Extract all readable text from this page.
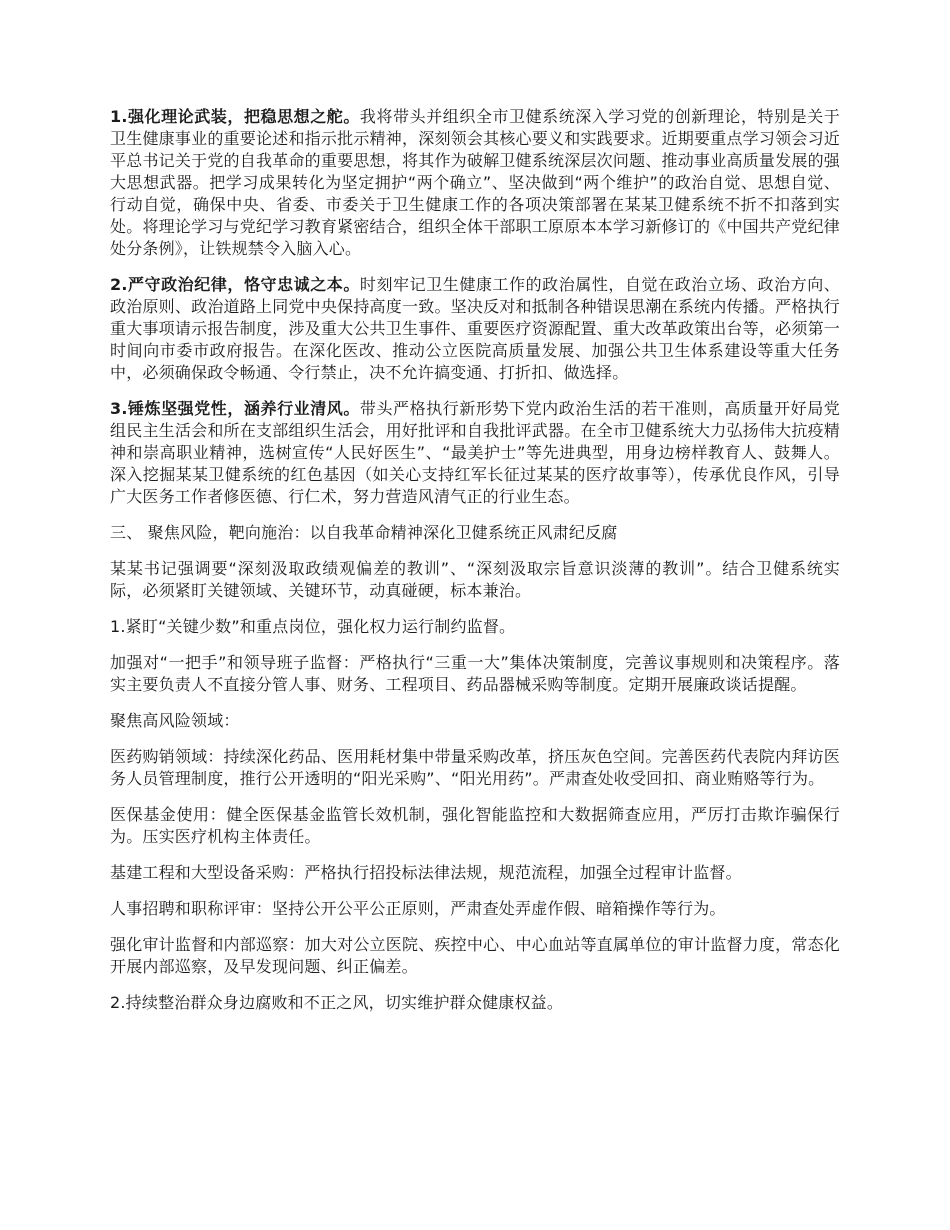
1.强化理论武装，把稳思想之舵。我将带头并组织全市卫健系统深入学习党的创新理论，特别是关于卫生健康事业的重要论述和指示批示精神，深刻领会其核心要义和实践要求。近期要重点学习领会习近平总书记关于党的自我革命的重要思想，将其作为破解卫健系统深层次问题、推动事业高质量发展的强大思想武器。把学习成果转化为坚定拥护“两个确立”、坚决做到“两个维护”的政治自觉、思想自觉、行动自觉，确保中央、省委、市委关于卫生健康工作的各项决策部署在某某卫健系统不折不扣落到实处。将理论学习与党纪学习教育紧密结合，组织全体干部职工原原本本学习新修订的《中国共产党纪律处分条例》，让铁规禁令入脑入心。

2.严守政治纪律，恪守忠诚之本。时刻牢记卫生健康工作的政治属性，自觉在政治立场、政治方向、政治原则、政治道路上同党中央保持高度一致。坚决反对和抵制各种错误思潮在系统内传播。严格执行重大事项请示报告制度，涉及重大公共卫生事件、重要医疗资源配置、重大改革政策出台等，必须第一时间向市委市政府报告。在深化医改、推动公立医院高质量发展、加强公共卫生体系建设等重大任务中，必须确保政令畅通、令行禁止，决不允许搞变通、打折扣、做选择。

3.锤炼坚强党性，涵养行业清风。带头严格执行新形势下党内政治生活的若干准则，高质量开好局党组民主生活会和所在支部组织生活会，用好批评和自我批评武器。在全市卫健系统大力弘扬伟大抗疫精神和崇高职业精神，选树宣传“人民好医生”、“最美护士”等先进典型，用身边榜样教育人、鼓舞人。深入挖掘某某卫健系统的红色基因（如关心支持红军长征过某某的医疗故事等），传承优良作风，引导广大医务工作者修医德、行仁术，努力营造风清气正的行业生态。

三、 聚焦风险，靶向施治：以自我革命精神深化卫健系统正风肃纪反腐

某某书记强调要“深刻汲取政绩观偏差的教训”、“深刻汲取宗旨意识淡薄的教训”。结合卫健系统实际，必须紧盯关键领域、关键环节，动真碰硬，标本兼治。

1.紧盯“关键少数”和重点岗位，强化权力运行制约监督。

加强对“一把手”和领导班子监督：严格执行“三重一大”集体决策制度，完善议事规则和决策程序。落实主要负责人不直接分管人事、财务、工程项目、药品器械采购等制度。定期开展廉政谈话提醒。

聚焦高风险领域：

医药购销领域：持续深化药品、医用耗材集中带量采购改革，挤压灰色空间。完善医药代表院内拜访医务人员管理制度，推行公开透明的“阳光采购”、“阳光用药”。严肃查处收受回扣、商业贿赂等行为。

医保基金使用：健全医保基金监管长效机制，强化智能监控和大数据筛查应用，严厉打击欺诈骗保行为。压实医疗机构主体责任。

基建工程和大型设备采购：严格执行招投标法律法规，规范流程，加强全过程审计监督。

人事招聘和职称评审：坚持公开公平公正原则，严肃查处弄虚作假、暗箱操作等行为。

强化审计监督和内部巡察：加大对公立医院、疾控中心、中心血站等直属单位的审计监督力度，常态化开展内部巡察，及早发现问题、纠正偏差。

2.持续整治群众身边腐败和不正之风，切实维护群众健康权益。
